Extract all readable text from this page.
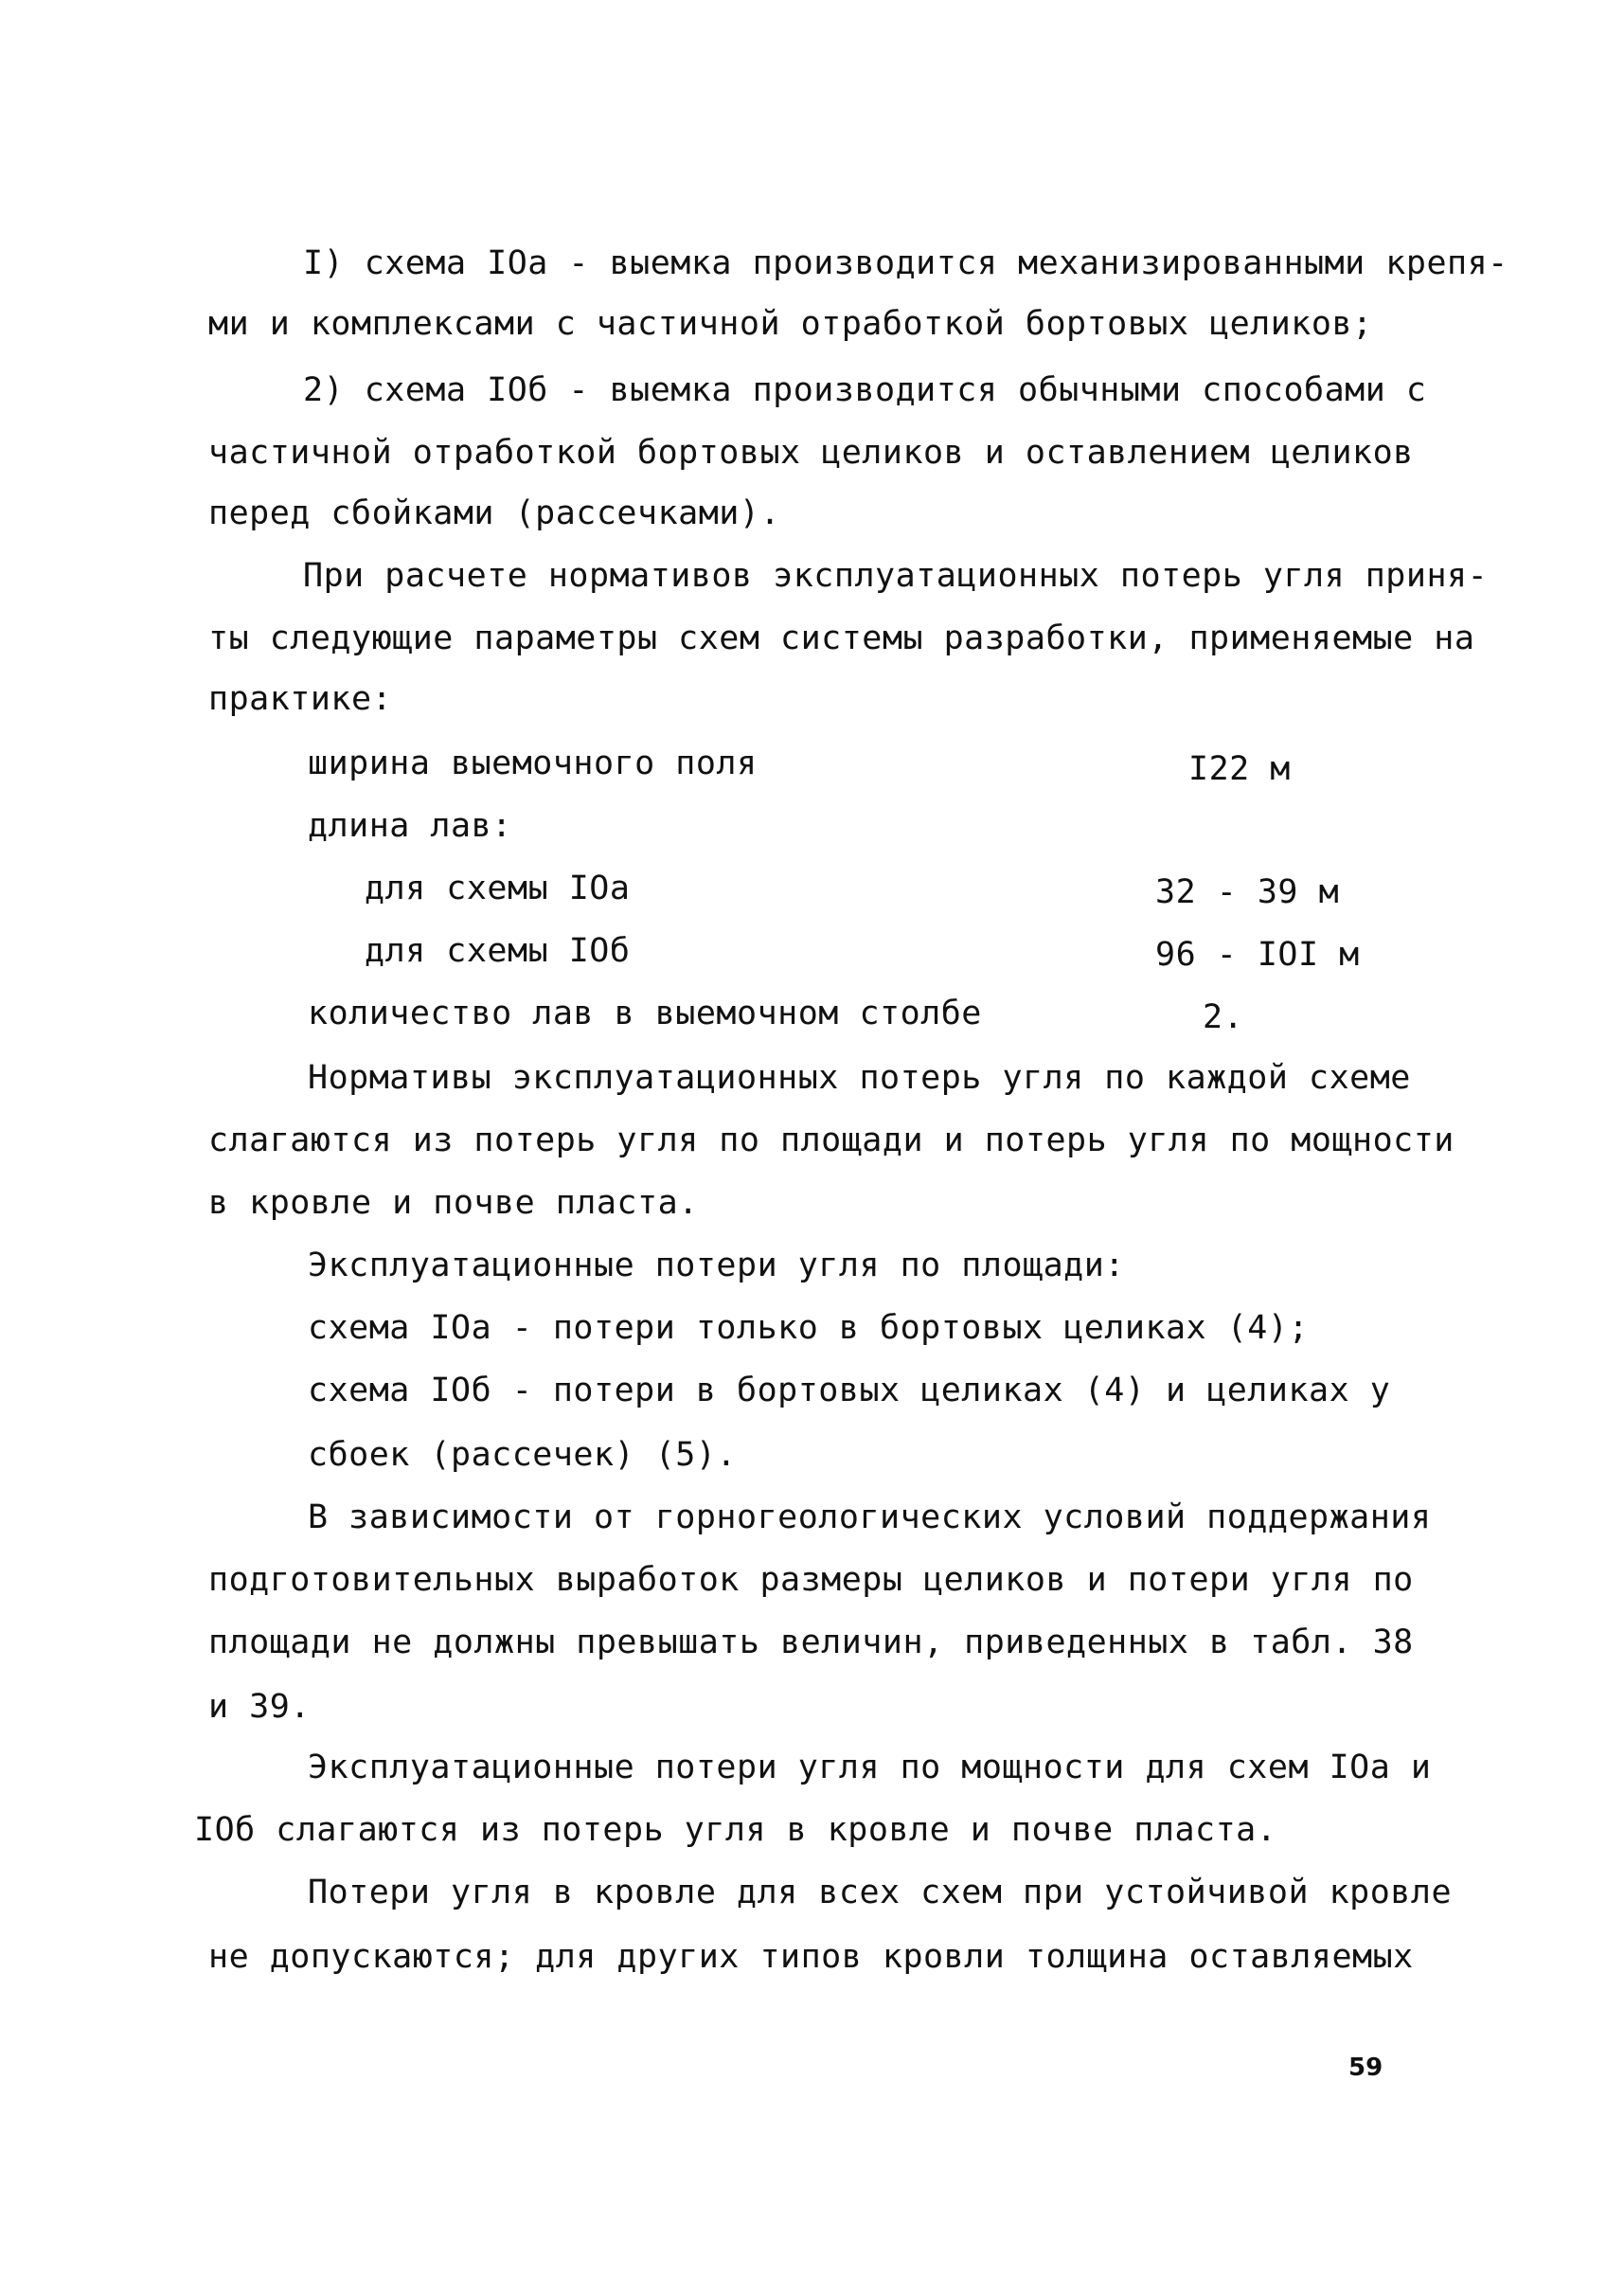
I) схема IOa - выемка производится механизированными крепя-
ми и комплексами с частичной отработкой бортовых целиков;
2) схема IOб - выемка производится обычными способами с
частичной отработкой бортовых целиков и оставлением целиков
перед сбойками (рассечками).
При расчете нормативов эксплуатационных потерь угля приня-
ты следующие параметры схем системы разработки, применяемые на
практике:
ширина выемочного поля	I22 м
длина лав:
для схемы IOa	32 - 39 м
для схемы IOб	96 - IOI м
количество лав в выемочном столбе	2.
Нормативы эксплуатационных потерь угля по каждой схеме
слагаются из потерь угля по площади и потерь угля по мощности
в кровле и почве пласта.
Эксплуатационные потери угля по площади:
схема IOa - потери только в бортовых целиках (4);
схема IOб - потери в бортовых целиках (4) и целиках у
сбоек (рассечек) (5).
В зависимости от горногеологических условий поддержания
подготовительных выработок размеры целиков и потери угля по
площади не должны превышать величин, приведенных в табл. 38
и 39.
Эксплуатационные потери угля по мощности для схем IOa и
IOб слагаются из потерь угля в кровле и почве пласта.
Потери угля в кровле для всех схем при устойчивой кровле
не допускаются; для других типов кровли толщина оставляемых
59
